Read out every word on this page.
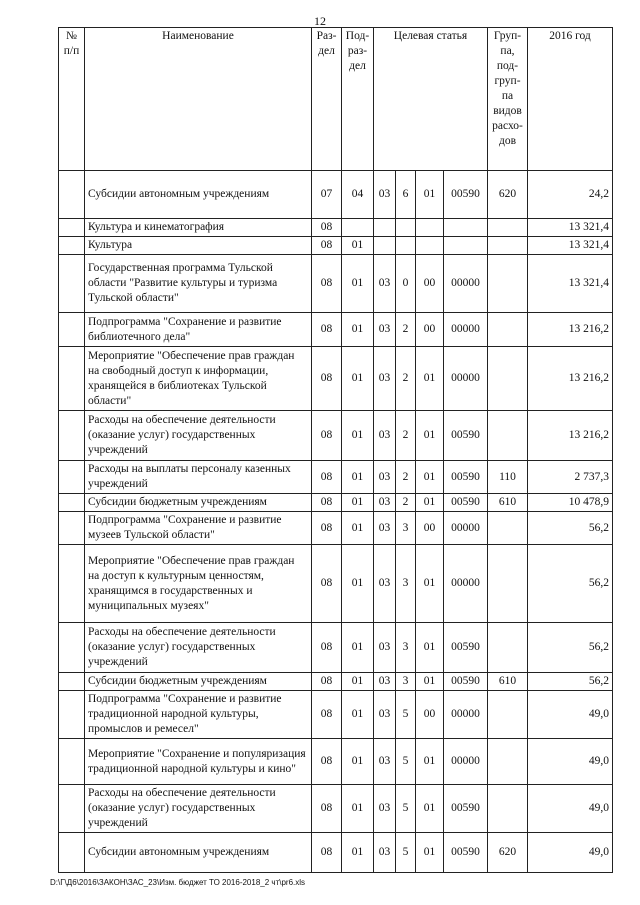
12
№ п/п	Наименование	Раз-дел	Под-раз-дел	Целевая статья				Груп-па, под-груп-па видов расхо-дов	2016 год
	Субсидии автономным учреждениям	07	04	03	6	01	00590	620	24,2
	Культура и кинематография	08							13 321,4
	Культура	08	01						13 321,4
	Государственная программа Тульской области "Развитие культуры и туризма Тульской области"	08	01	03	0	00	00000		13 321,4
	Подпрограмма "Сохранение и развитие библиотечного дела"	08	01	03	2	00	00000		13 216,2
	Мероприятие "Обеспечение прав граждан на свободный доступ к информации, хранящейся в библиотеках Тульской области"	08	01	03	2	01	00000		13 216,2
	Расходы на обеспечение деятельности (оказание услуг) государственных учреждений	08	01	03	2	01	00590		13 216,2
	Расходы на выплаты персоналу казенных учреждений	08	01	03	2	01	00590	110	2 737,3
	Субсидии бюджетным учреждениям	08	01	03	2	01	00590	610	10 478,9
	Подпрограмма "Сохранение и развитие музеев Тульской области"	08	01	03	3	00	00000		56,2
	Мероприятие "Обеспечение прав граждан на доступ к культурным ценностям, хранящимся в государственных и муниципальных музеях"	08	01	03	3	01	00000		56,2
	Расходы на обеспечение деятельности (оказание услуг) государственных учреждений	08	01	03	3	01	00590		56,2
	Субсидии бюджетным учреждениям	08	01	03	3	01	00590	610	56,2
	Подпрограмма "Сохранение и развитие традиционной народной культуры, промыслов и ремесел"	08	01	03	5	00	00000		49,0
	Мероприятие "Сохранение и популяризация традиционной народной культуры и кино"	08	01	03	5	01	00000		49,0
	Расходы на обеспечение деятельности (оказание услуг) государственных учреждений	08	01	03	5	01	00590		49,0
	Субсидии автономным учреждениям	08	01	03	5	01	00590	620	49,0
D:\Г\Д6\2016\ЗАКОН\ЗАС_23\Изм. бюджет ТО 2016-2018_2 чт\pr6.xls
